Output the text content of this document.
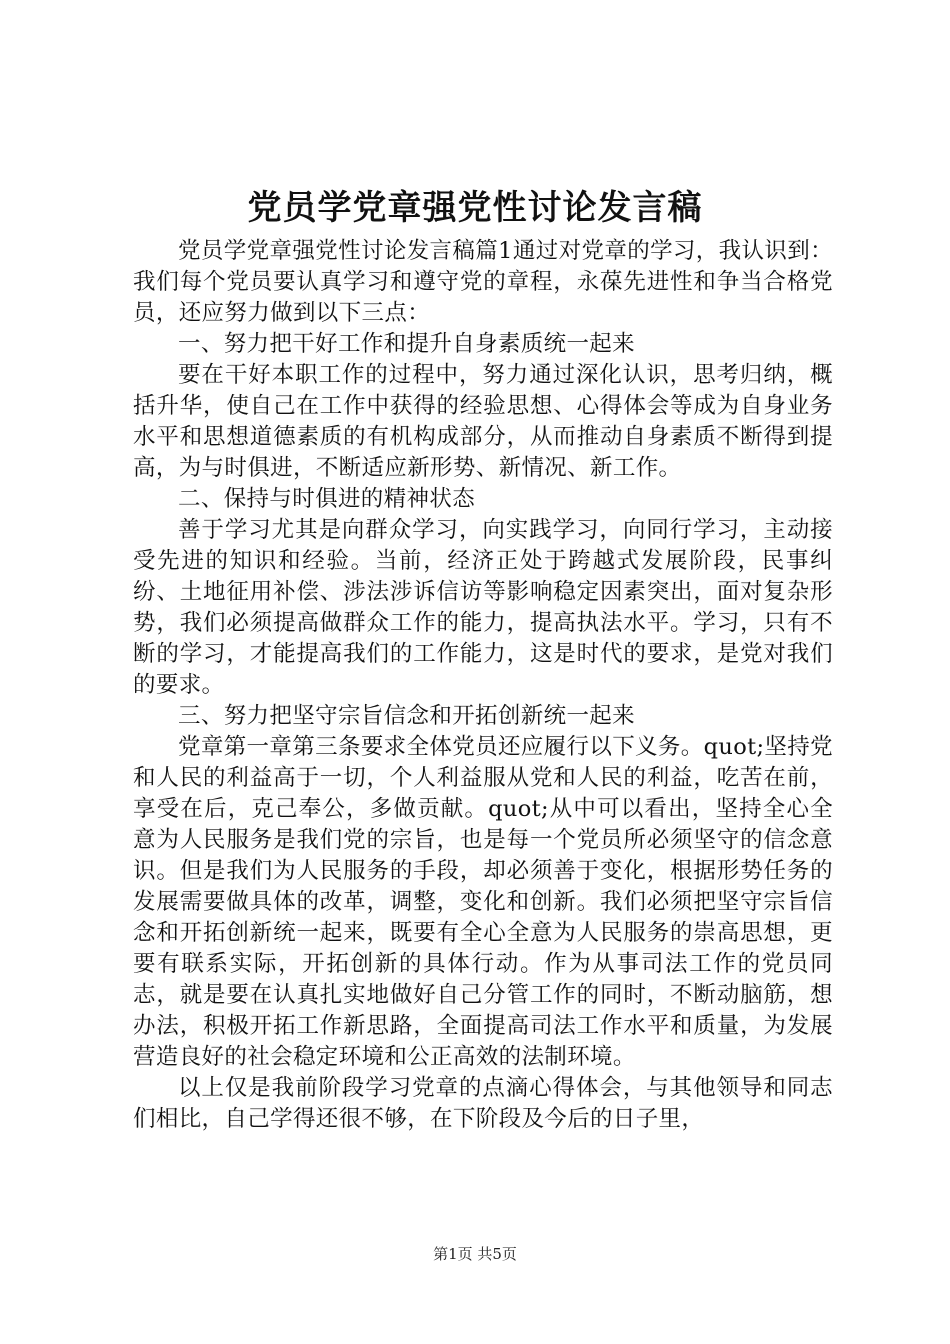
党员学党章强党性讨论发言稿

党员学党章强党性讨论发言稿篇1通过对党章的学习，我认识到：我们每个党员要认真学习和遵守党的章程，永葆先进性和争当合格党员，还应努力做到以下三点：

一、努力把干好工作和提升自身素质统一起来

要在干好本职工作的过程中，努力通过深化认识，思考归纳，概括升华，使自己在工作中获得的经验思想、心得体会等成为自身业务水平和思想道德素质的有机构成部分，从而推动自身素质不断得到提高，为与时俱进，不断适应新形势、新情况、新工作。

二、保持与时俱进的精神状态

善于学习尤其是向群众学习，向实践学习，向同行学习，主动接受先进的知识和经验。当前，经济正处于跨越式发展阶段，民事纠纷、土地征用补偿、涉法涉诉信访等影响稳定因素突出，面对复杂形势，我们必须提高做群众工作的能力，提高执法水平。学习，只有不断的学习，才能提高我们的工作能力，这是时代的要求，是党对我们的要求。

三、努力把坚守宗旨信念和开拓创新统一起来

党章第一章第三条要求全体党员还应履行以下义务。quot;坚持党和人民的利益高于一切，个人利益服从党和人民的利益，吃苦在前，享受在后，克己奉公，多做贡献。quot;从中可以看出，坚持全心全意为人民服务是我们党的宗旨，也是每一个党员所必须坚守的信念意识。但是我们为人民服务的手段，却必须善于变化，根据形势任务的发展需要做具体的改革，调整，变化和创新。我们必须把坚守宗旨信念和开拓创新统一起来，既要有全心全意为人民服务的崇高思想，更要有联系实际，开拓创新的具体行动。作为从事司法工作的党员同志，就是要在认真扎实地做好自己分管工作的同时，不断动脑筋，想办法，积极开拓工作新思路，全面提高司法工作水平和质量，为发展营造良好的社会稳定环境和公正高效的法制环境。

以上仅是我前阶段学习党章的点滴心得体会，与其他领导和同志们相比，自己学得还很不够，在下阶段及今后的日子里，

第1页 共5页
